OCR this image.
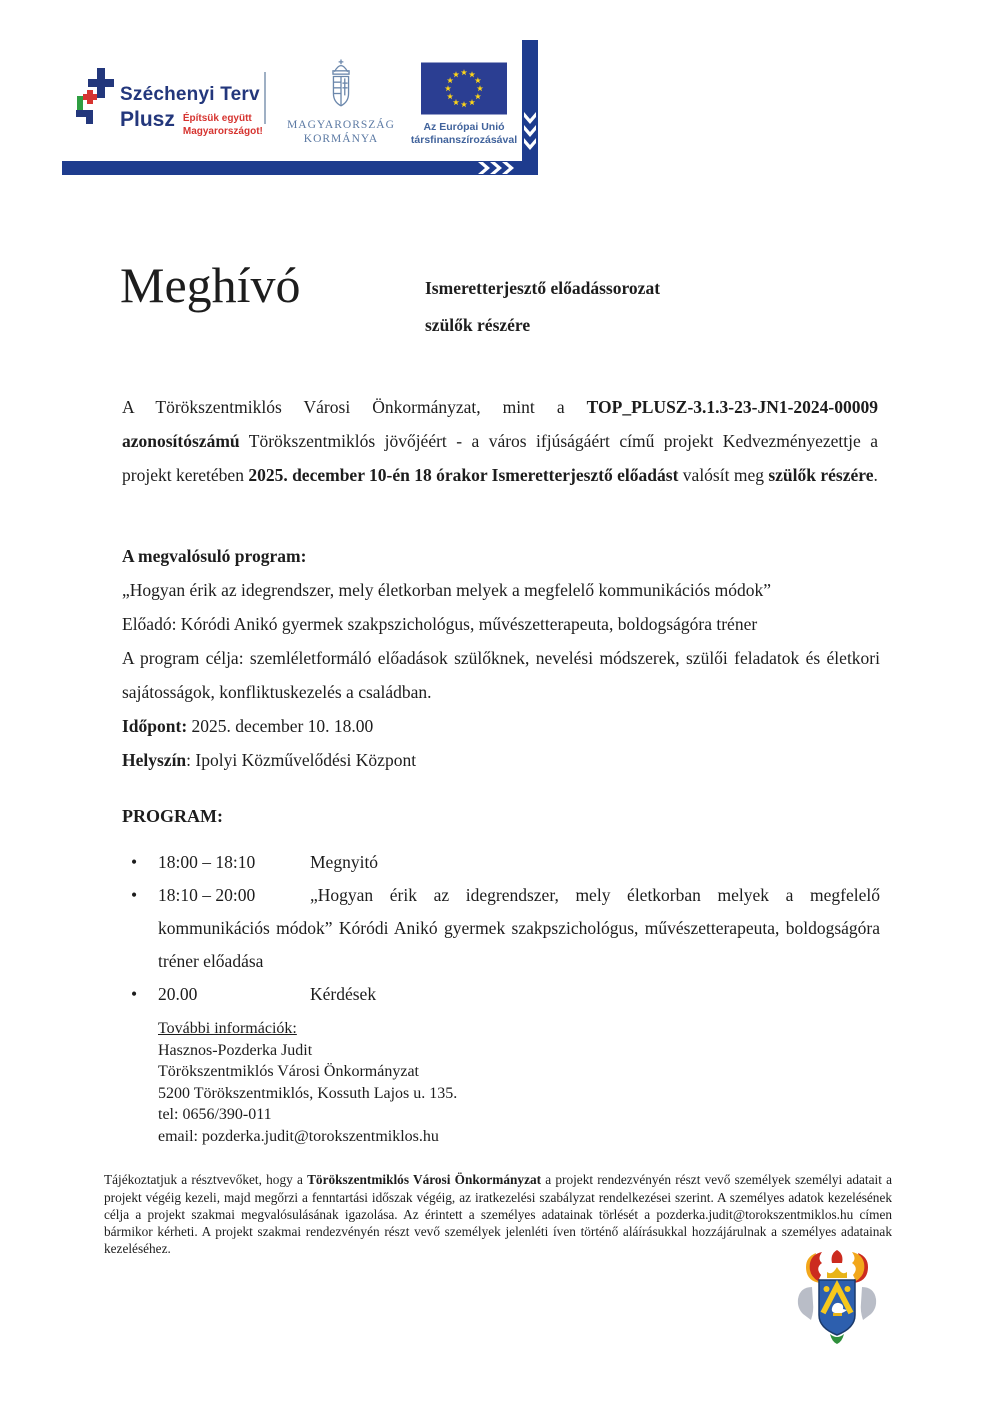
Széchenyi Terv
Plusz Építsük együtt
Magyarországot!
MAGYARORSZÁG
KORMÁNYA
Az Európai Unió
társfinanszírozásával
Meghívó	Ismeretterjesztő előadássorozat
szülők részére

A Törökszentmiklós Városi Önkormányzat, mint a TOP_PLUSZ-3.1.3-23-JN1-2024-00009 azonosítószámú Törökszentmiklós jövőjéért - a város ifjúságáért című projekt Kedvezményezettje a projekt keretében 2025. december 10-én 18 órakor Ismeretterjesztő előadást valósít meg szülők részére.

A megvalósuló program:
„Hogyan érik az idegrendszer, mely életkorban melyek a megfelelő kommunikációs módok”
Előadó: Kóródi Anikó gyermek szakpszichológus, művészetterapeuta, boldogságóra tréner
A program célja: szemléletformáló előadások szülőknek, nevelési módszerek, szülői feladatok és életkori sajátosságok, konfliktuskezelés a családban.
Időpont: 2025. december 10. 18.00
Helyszín: Ipolyi Közművelődési Központ
PROGRAM:
• 18:00 – 18:10	Megnyitó
• 18:10 – 20:00	„Hogyan érik az idegrendszer, mely életkorban melyek a megfelelő kommunikációs módok” Kóródi Anikó gyermek szakpszichológus, művészetterapeuta, boldogságóra tréner előadása
• 20.00	Kérdések
További információk:
Hasznos-Pozderka Judit
Törökszentmiklós Városi Önkormányzat
5200 Törökszentmiklós, Kossuth Lajos u. 135.
tel: 0656/390-011
email: pozderka.judit@torokszentmiklos.hu

Tájékoztatjuk a résztvevőket, hogy a Törökszentmiklós Városi Önkormányzat a projekt rendezvényén részt vevő személyek személyi adatait a projekt végéig kezeli, majd megőrzi a fenntartási időszak végéig, az iratkezelési szabályzat rendelkezései szerint. A személyes adatok kezelésének célja a projekt szakmai megvalósulásának igazolása. Az érintett a személyes adatainak törlését a pozderka.judit@torokszentmiklos.hu címen bármikor kérheti. A projekt szakmai rendezvényén részt vevő személyek jelenléti íven történő aláírásukkal hozzájárulnak a személyes adatainak kezeléséhez.
